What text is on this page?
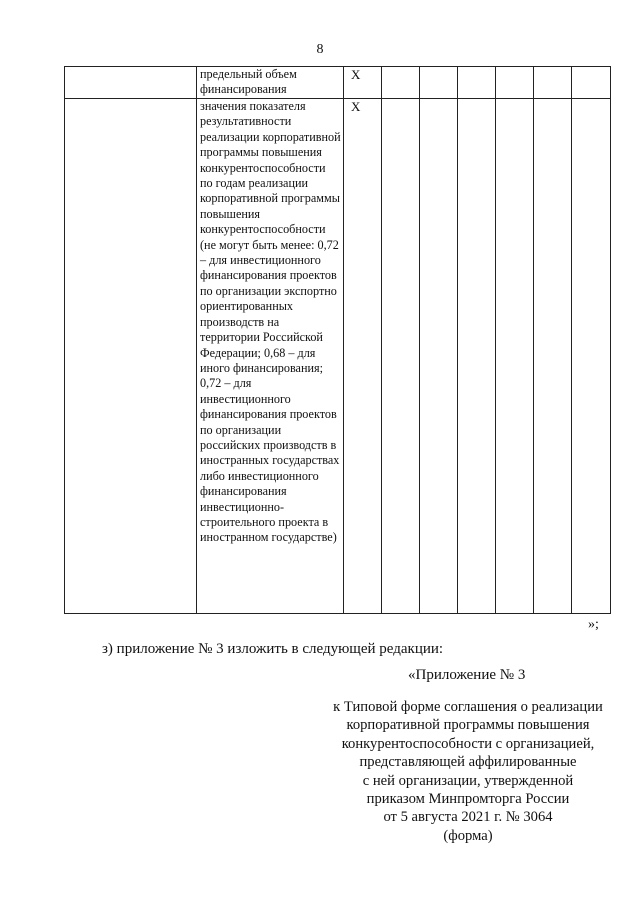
8
	предельный объем финансирования	X						
	значения показателя результативности реализации корпоративной программы повышения конкурентоспособности по годам реализации корпоративной программы повышения конкурентоспособности (не могут быть менее: 0,72 – для инвестиционного финансирования проектов по организации экспортно ориентированных производств на территории Российской Федерации; 0,68 – для иного финансирования; 0,72 – для инвестиционного финансирования проектов по организации российских производств в иностранных государствах либо инвестиционного финансирования инвестиционно-строительного проекта в иностранном государстве)	X						
»;
з) приложение № 3 изложить в следующей редакции:
«Приложение № 3
к Типовой форме соглашения о реализации
корпоративной программы повышения
конкурентоспособности с организацией,
представляющей аффилированные
с ней организации, утвержденной
приказом Минпромторга России
от 5 августа 2021 г. № 3064
(форма)
